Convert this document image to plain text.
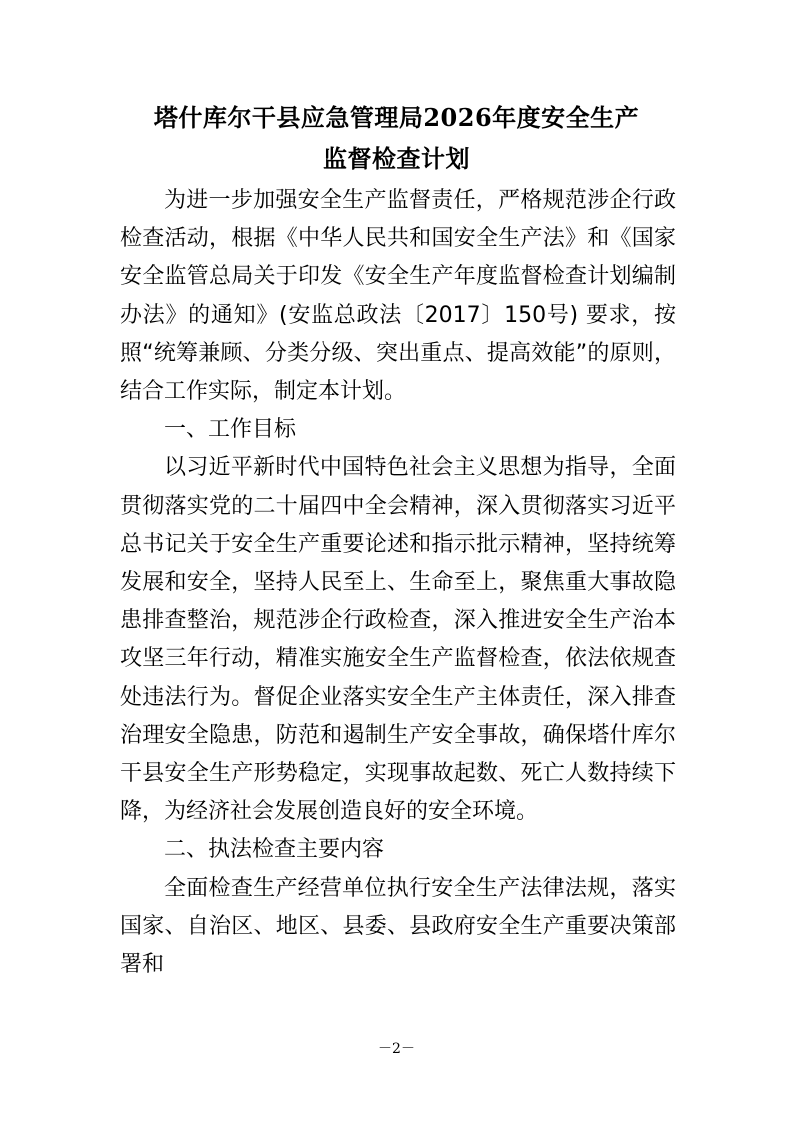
塔什库尔干县应急管理局2026年度安全生产
监督检查计划

为进一步加强安全生产监督责任，严格规范涉企行政检查活动，根据《中华人民共和国安全生产法》和《国家安全监管总局关于印发《安全生产年度监督检查计划编制办法》的通知》(安监总政法〔2017〕150号) 要求，按照“统筹兼顾、分类分级、突出重点、提高效能”的原则，结合工作实际，制定本计划。

一、工作目标

以习近平新时代中国特色社会主义思想为指导，全面贯彻落实党的二十届四中全会精神，深入贯彻落实习近平总书记关于安全生产重要论述和指示批示精神，坚持统筹发展和安全，坚持人民至上、生命至上，聚焦重大事故隐患排查整治，规范涉企行政检查，深入推进安全生产治本攻坚三年行动，精准实施安全生产监督检查，依法依规查处违法行为。督促企业落实安全生产主体责任，深入排查治理安全隐患，防范和遏制生产安全事故，确保塔什库尔干县安全生产形势稳定，实现事故起数、死亡人数持续下降，为经济社会发展创造良好的安全环境。

二、执法检查主要内容

全面检查生产经营单位执行安全生产法律法规，落实国家、自治区、地区、县委、县政府安全生产重要决策部署和

－2－
